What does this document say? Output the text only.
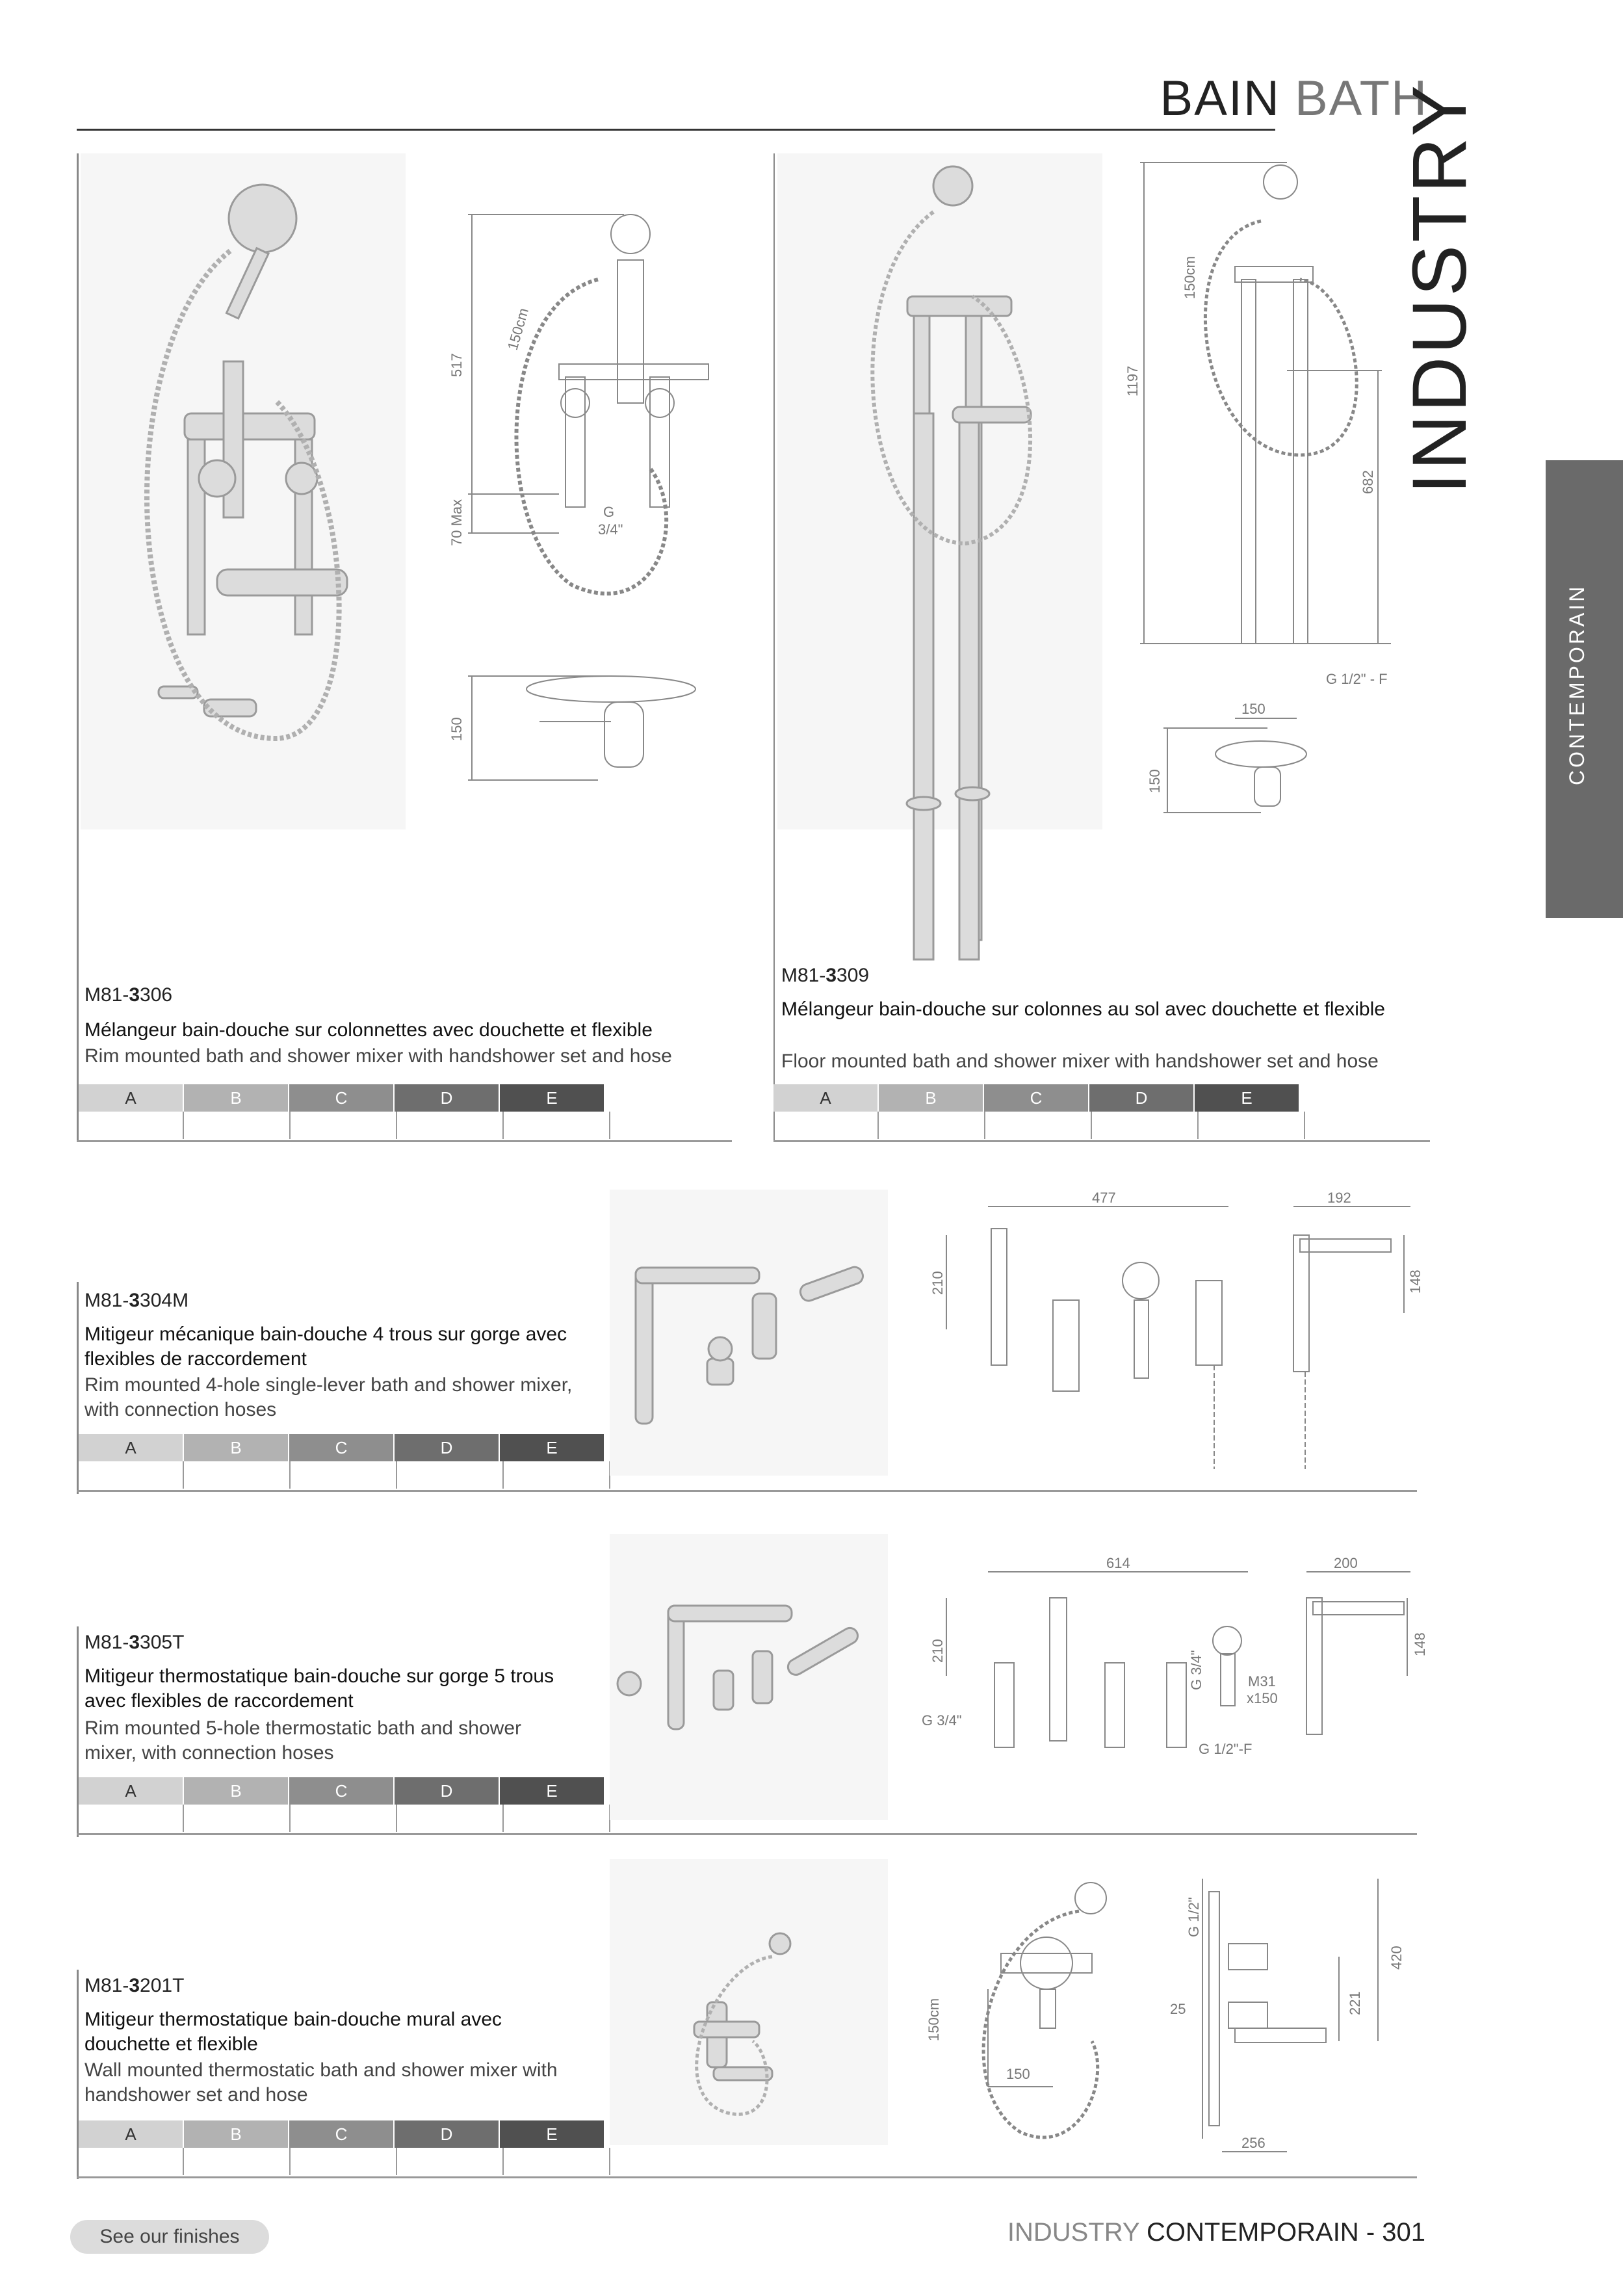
BAIN BATH
INDUSTRY
CONTEMPORAIN
517
150cm
70 Max	G
3/4"
150
M81-3306
Mélangeur bain-douche sur colonnettes avec douchette et flexible
Rim mounted bath and shower mixer with handshower set and hose
A	B	C	D	E
1197
150cm
682
G 1/2" - F
150
150
M81-3309
Mélangeur bain-douche sur colonnes au sol avec douchette et flexible
Floor mounted bath and shower mixer with handshower set and hose
A	B	C	D	E
M81-3304M
Mitigeur mécanique bain-douche 4 trous sur gorge avec flexibles de raccordement
Rim mounted 4-hole single-lever bath and shower mixer, with connection hoses
A	B	C	D	E
477	192
210	148
M81-3305T
Mitigeur thermostatique bain-douche sur gorge 5 trous avec flexibles de raccordement
Rim mounted 5-hole thermostatic bath and shower mixer, with connection hoses
A	B	C	D	E
614	200
210	148
G 3/4"
G 3/4"
G 1/2"-F
M31
x150
M81-3201T
Mitigeur thermostatique bain-douche mural avec douchette et flexible
Wall mounted thermostatic bath and shower mixer with handshower set and hose
A	B	C	D	E
150cm
150
G 1/2"
25	221
420
256
See our finishes	INDUSTRY CONTEMPORAIN - 301
